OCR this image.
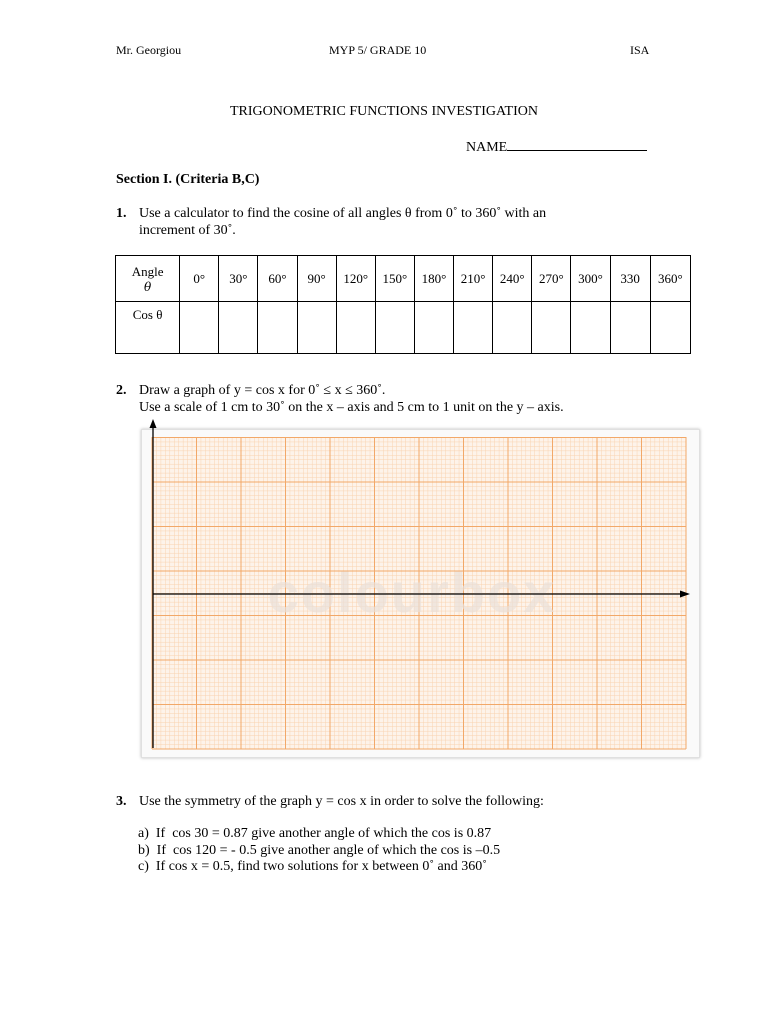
Mr. Georgiou	MYP 5/ GRADE 10	ISA
TRIGONOMETRIC FUNCTIONS INVESTIGATION
NAME
Section I. (Criteria B,C)
1. Use a calculator to find the cosine of all angles θ from 0˚ to 360˚ with an
increment of 30˚.
Angle
θ	0°	30°	60°	90°	120°	150°	180°	210°	240°	270°	300°	330	360°
Cos θ													
2. Draw a graph of y = cos x for 0˚ ≤ x ≤ 360˚.
Use a scale of 1 cm to 30˚ on the x – axis and 5 cm to 1 unit on the y – axis.
colourbox
3. Use the symmetry of the graph y = cos x in order to solve the following:
a)  If  cos 30 = 0.87 give another angle of which the cos is 0.87
b)  If  cos 120 = - 0.5 give another angle of which the cos is –0.5
c)  If cos x = 0.5, find two solutions for x between 0˚ and 360˚
